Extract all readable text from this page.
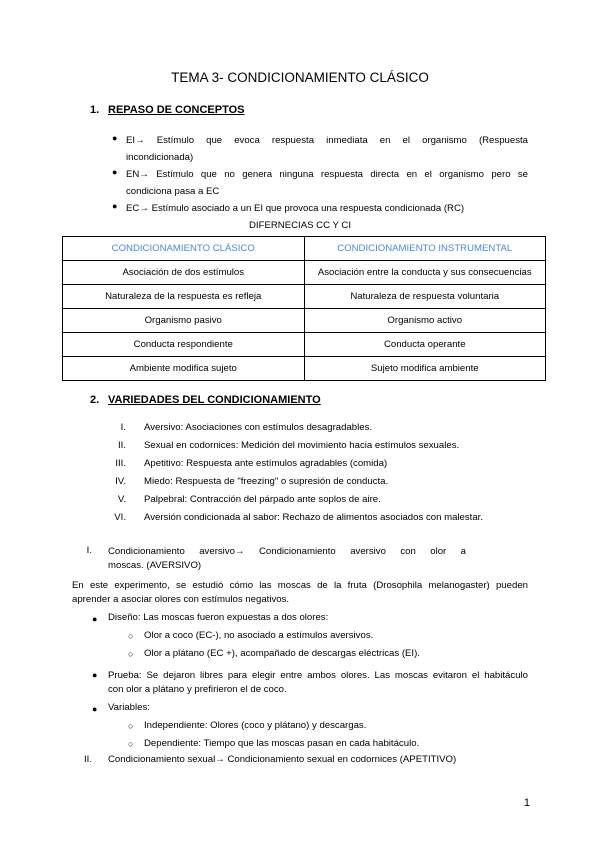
TEMA 3- CONDICIONAMIENTO CLÁSICO
1. REPASO DE CONCEPTOS
● EI→ Estímulo que evoca respuesta inmediata en el organismo (Respuesta
incondicionada)
● EN→ Estímulo que no genera ninguna respuesta directa en el organismo pero se
condiciona pasa a EC
● EC→ Estímulo asociado a un EI que provoca una respuesta condicionada (RC)
DIFERNECIAS CC Y CI
CONDICIONAMIENTO CLÁSICO	CONDICIONAMIENTO INSTRUMENTAL
Asociación de dos estímulos	Asociación entre la conducta y sus consecuencias
Naturaleza de la respuesta es refleja	Naturaleza de respuesta voluntaria
Organismo pasivo	Organismo activo
Conducta respondiente	Conducta operante
Ambiente modifica sujeto	Sujeto modifica ambiente
2. VARIEDADES DEL CONDICIONAMIENTO
I. Aversivo: Asociaciones con estímulos desagradables.
II. Sexual en codornices: Medición del movimiento hacia estímulos sexuales.
III. Apetitivo: Respuesta ante estímulos agradables (comida)
IV. Miedo: Respuesta de "freezing" o supresión de conducta.
V. Palpebral: Contracción del párpado ante soplos de aire.
VI. Aversión condicionada al sabor: Rechazo de alimentos asociados con malestar.
I. Condicionamiento aversivo→ Condicionamiento aversivo con olor a
moscas. (AVERSIVO)
En este experimento, se estudió cómo las moscas de la fruta (Drosophila melanogaster) pueden
aprender a asociar olores con estímulos negativos.
● Diseño: Las moscas fueron expuestas a dos olores:
○ Olor a coco (EC-), no asociado a estímulos aversivos.
○ Olor a plátano (EC +), acompañado de descargas eléctricas (EI).
● Prueba: Se dejaron libres para elegir entre ambos olores. Las moscas evitaron el habitáculo
con olor a plátano y prefirieron el de coco.
● Variables:
○ Independiente: Olores (coco y plátano) y descargas.
○ Dependiente: Tiempo que las moscas pasan en cada habitáculo.
II. Condicionamiento sexual→ Condicionamiento sexual en codornices (APETITIVO)
1
